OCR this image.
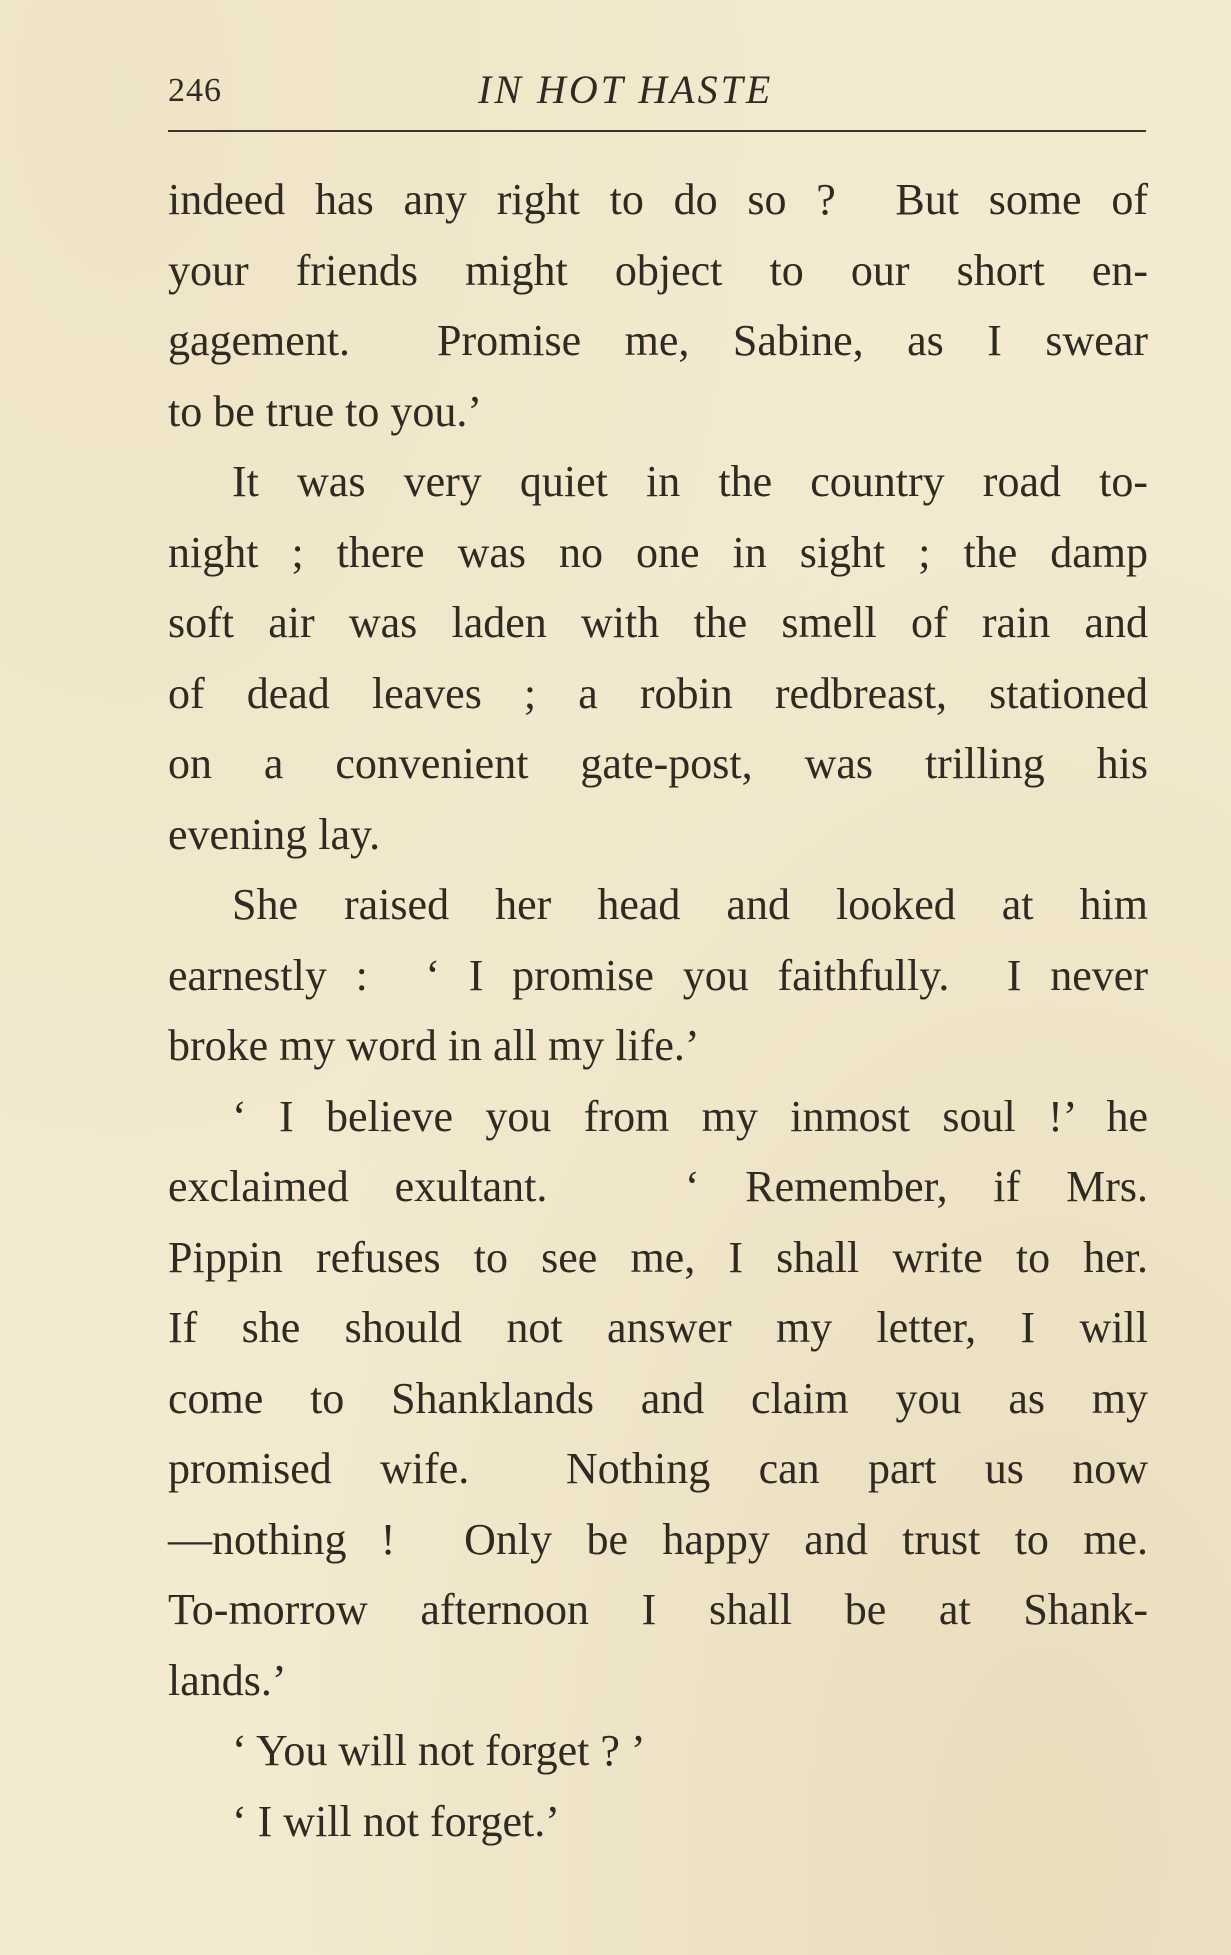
246	IN HOT HASTE
indeed has any right to do so ?  But some of
your friends might object to our short en-
gagement.  Promise me, Sabine, as I swear
to be true to you.’
It was very quiet in the country road to-
night ; there was no one in sight ; the damp
soft air was laden with the smell of rain and
of dead leaves ; a robin redbreast, stationed
on a convenient gate-post, was trilling his
evening lay.
She raised her head and looked at him
earnestly :  ‘ I promise you faithfully.  I never
broke my word in all my life.’
‘ I believe you from my inmost soul !’ he
exclaimed exultant.   ‘ Remember, if Mrs.
Pippin refuses to see me, I shall write to her.
If she should not answer my letter, I will
come to Shanklands and claim you as my
promised wife.  Nothing can part us now
—nothing !  Only be happy and trust to me.
To-morrow afternoon I shall be at Shank-
lands.’
‘ You will not forget ? ’
‘ I will not forget.’
